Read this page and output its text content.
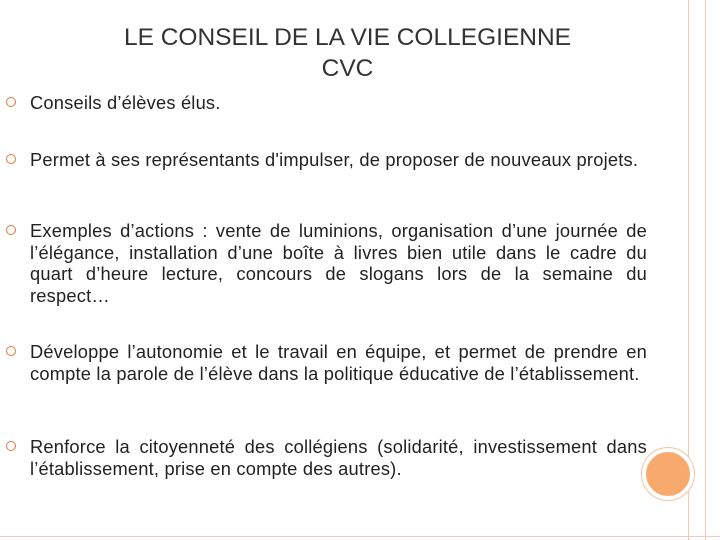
LE CONSEIL DE LA VIE COLLEGIENNE
CVC
Conseils d’élèves élus.
Permet à ses représentants d'impulser, de proposer de nouveaux projets.
Exemples d’actions : vente de luminions, organisation d’une journée de l’élégance, installation d’une boîte à livres bien utile dans le cadre du quart d’heure lecture, concours de slogans lors de la semaine du respect…
Développe l’autonomie et le travail en équipe, et permet de prendre en compte la parole de l’élève dans la politique éducative de l’établissement.
Renforce la citoyenneté des collégiens (solidarité, investissement dans l’établissement, prise en compte des autres).
